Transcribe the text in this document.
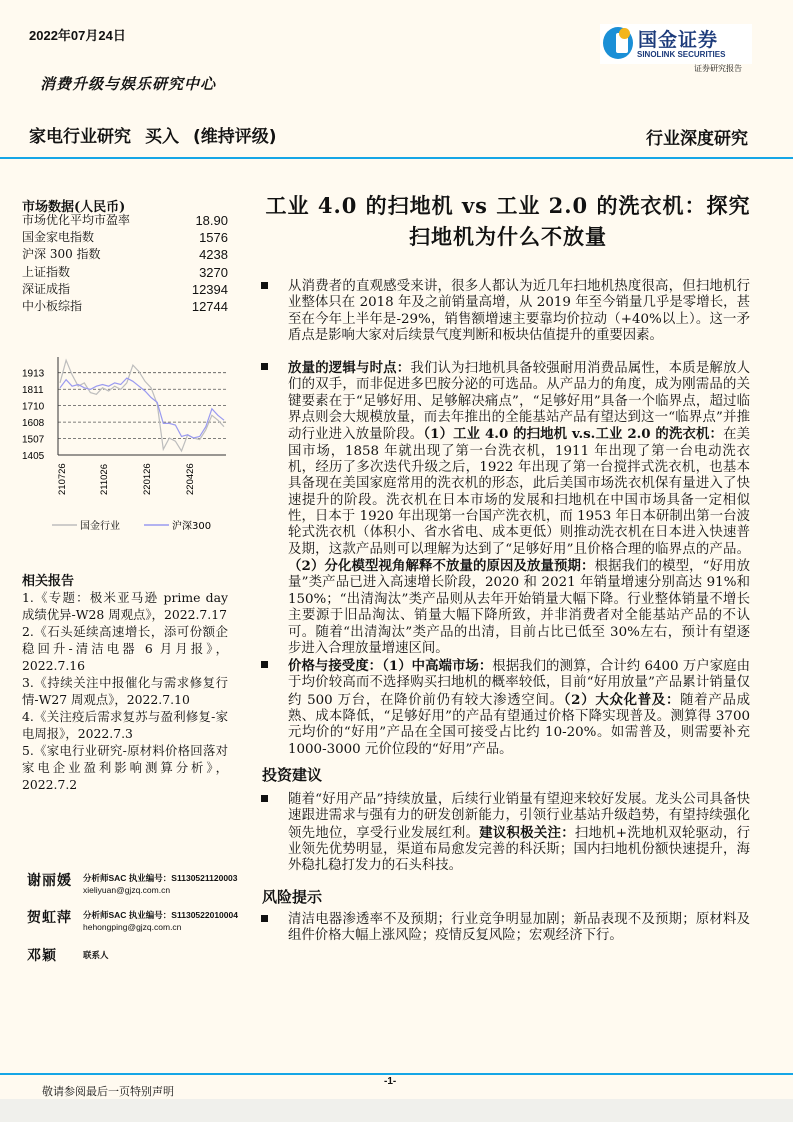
2022年07月24日	国金证券
SINOLINK SECURITIES
证券研究报告
消费升级与娱乐研究中心
家电行业研究 买入 (维持评级)	行业深度研究
市场数据(人民币)
市场优化平均市盈率	18.90
国金家电指数	1576
沪深 300 指数	4238
上证指数	3270
深证成指	12394
中小板综指	12744
1405
1507
1608
1710
1811
1913
210726	211026	220126	220426
国金行业	沪深300
相关报告
1.《专题：极米亚马逊 prime day 成绩优异-W28 周观点》，2022.7.17
2.《石头延续高速增长，添可份额企稳回升-清洁电器 6 月月报》，2022.7.16
3.《持续关注中报催化与需求修复行情-W27 周观点》，2022.7.10
4.《关注疫后需求复苏与盈利修复-家电周报》，2022.7.3
5.《家电行业研究-原材料价格回落对家电企业盈利影响测算分析》，2022.7.2
谢丽媛	分析师SAC 执业编号：S1130521120003
xieliyuan@gjzq.com.cn
贺虹萍	分析师SAC 执业编号：S1130522010004
hehongping@gjzq.com.cn
邓颖	联系人
工业 4.0 的扫地机 vs 工业 2.0 的洗衣机：探究扫地机为什么不放量
从消费者的直观感受来讲，很多人都认为近几年扫地机热度很高，但扫地机行业整体只在 2018 年及之前销量高增，从 2019 年至今销量几乎是零增长，甚至在今年上半年是-29%，销售额增速主要靠均价拉动（+40%以上）。这一矛盾点是影响大家对后续景气度判断和板块估值提升的重要因素。
放量的逻辑与时点：我们认为扫地机具备较强耐用消费品属性，本质是解放人们的双手，而非促进多巴胺分泌的可选品。从产品力的角度，成为刚需品的关键要素在于“足够好用、足够解决痛点”，“足够好用”具备一个临界点，超过临界点则会大规模放量，而去年推出的全能基站产品有望达到这一“临界点”并推动行业进入放量阶段。（1）工业 4.0 的扫地机 v.s.工业 2.0 的洗衣机：在美国市场，1858 年就出现了第一台洗衣机，1911 年出现了第一台电动洗衣机，经历了多次迭代升级之后，1922 年出现了第一台搅拌式洗衣机，也基本具备现在美国家庭常用的洗衣机的形态，此后美国市场洗衣机保有量进入了快速提升的阶段。洗衣机在日本市场的发展和扫地机在中国市场具备一定相似性，日本于 1920 年出现第一台国产洗衣机，而 1953 年日本研制出第一台波轮式洗衣机（体积小、省水省电、成本更低）则推动洗衣机在日本进入快速普及期，这款产品则可以理解为达到了“足够好用”且价格合理的临界点的产品。（2）分化模型视角解释不放量的原因及放量预期：根据我们的模型，“好用放量”类产品已进入高速增长阶段，2020 和 2021 年销量增速分别高达 91%和 150%；“出清淘汰”类产品则从去年开始销量大幅下降。行业整体销量不增长主要源于旧品淘汰、销量大幅下降所致，并非消费者对全能基站产品的不认可。随着“出清淘汰”类产品的出清，目前占比已低至 30%左右，预计有望逐步进入合理放量增速区间。
价格与接受度：（1）中高端市场：根据我们的测算，合计约 6400 万户家庭由于均价较高而不选择购买扫地机的概率较低，目前“好用放量”产品累计销量仅约 500 万台，在降价前仍有较大渗透空间。（2）大众化普及：随着产品成熟、成本降低，“足够好用”的产品有望通过价格下降实现普及。测算得 3700 元均价的“好用”产品在全国可接受占比约 10-20%。如需普及，则需要补充 1000-3000 元价位段的“好用”产品。
投资建议
随着“好用产品”持续放量，后续行业销量有望迎来较好发展。龙头公司具备快速跟进需求与强有力的研发创新能力，引领行业基站升级趋势，有望持续强化领先地位，享受行业发展红利。建议积极关注：扫地机+洗地机双轮驱动，行业领先优势明显，渠道布局愈发完善的科沃斯；国内扫地机份额快速提升，海外稳扎稳打发力的石头科技。
风险提示
清洁电器渗透率不及预期；行业竞争明显加剧；新品表现不及预期；原材料及组件价格大幅上涨风险；疫情反复风险；宏观经济下行。
-1-
敬请参阅最后一页特别声明
